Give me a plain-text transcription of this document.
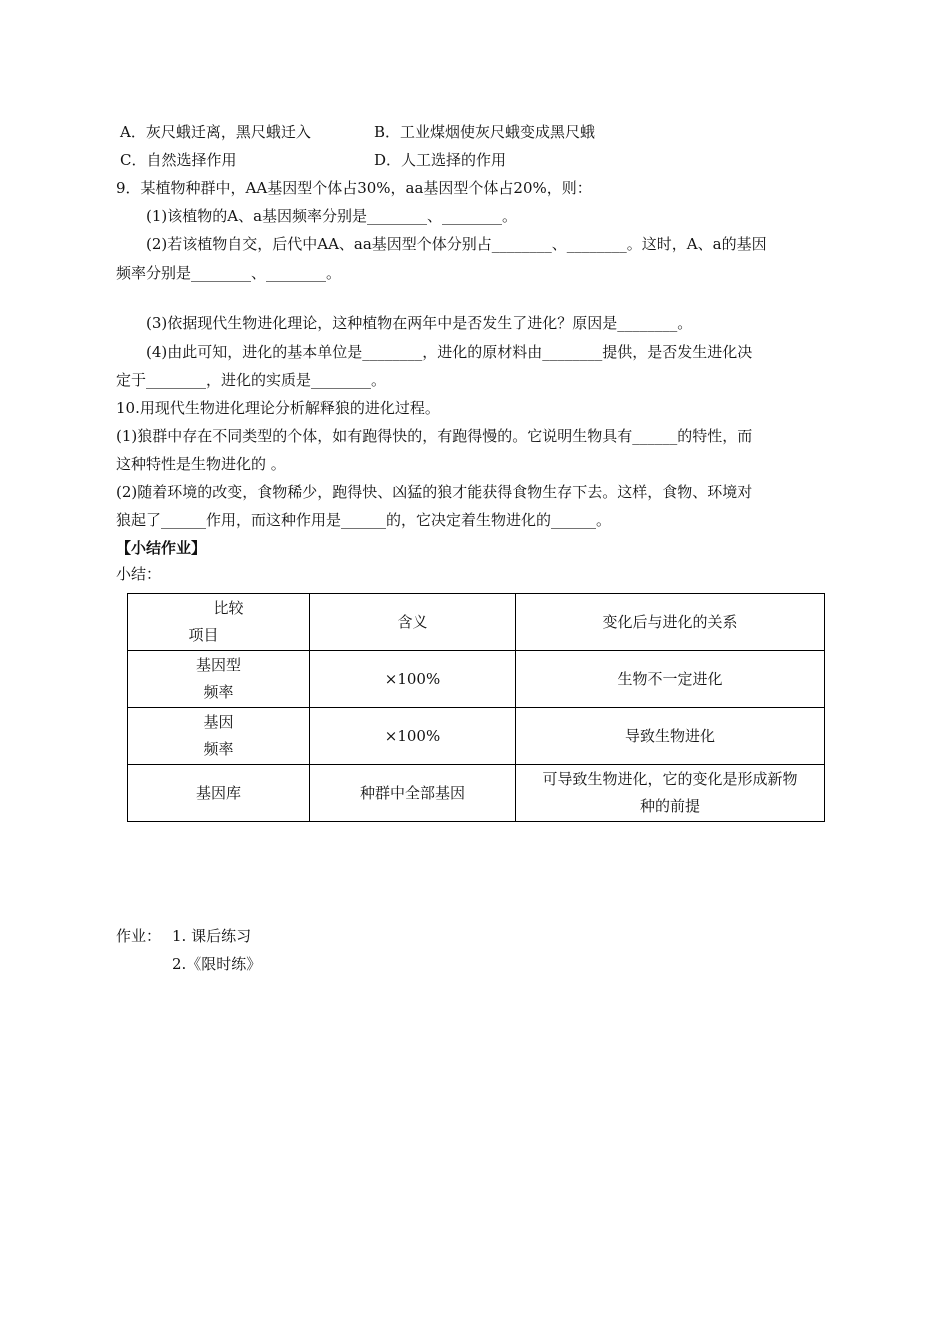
A．灰尺蛾迁离，黑尺蛾迁入	B．工业煤烟使灰尺蛾变成黑尺蛾
C．自然选择作用	D．人工选择的作用
9．某植物种群中，AA基因型个体占30%，aa基因型个体占20%，则：
(1)该植物的A、a基因频率分别是________、________。
(2)若该植物自交，后代中AA、aa基因型个体分别占________、________。这时，A、a的基因
频率分别是________、________。
(3)依据现代生物进化理论，这种植物在两年中是否发生了进化？原因是________。
(4)由此可知，进化的基本单位是________，进化的原材料由________提供，是否发生进化决
定于________，进化的实质是________。
10.用现代生物进化理论分析解释狼的进化过程。
(1)狼群中存在不同类型的个体，如有跑得快的，有跑得慢的。它说明生物具有______的特性，而
这种特性是生物进化的 。
(2)随着环境的改变，食物稀少，跑得快、凶猛的狼才能获得食物生存下去。这样，食物、环境对
狼起了______作用，而这种作用是______的，它决定着生物进化的______。
【小结作业】
小结：
比较
项目	含义	变化后与进化的关系

基因型
频率	×100%	生物不一定进化

基因
频率	×100%	导致生物进化
基因库	种群中全部基因	可导致生物进化，它的变化是形成新物
种的前提
作业： 1. 课后练习
2.《限时练》
